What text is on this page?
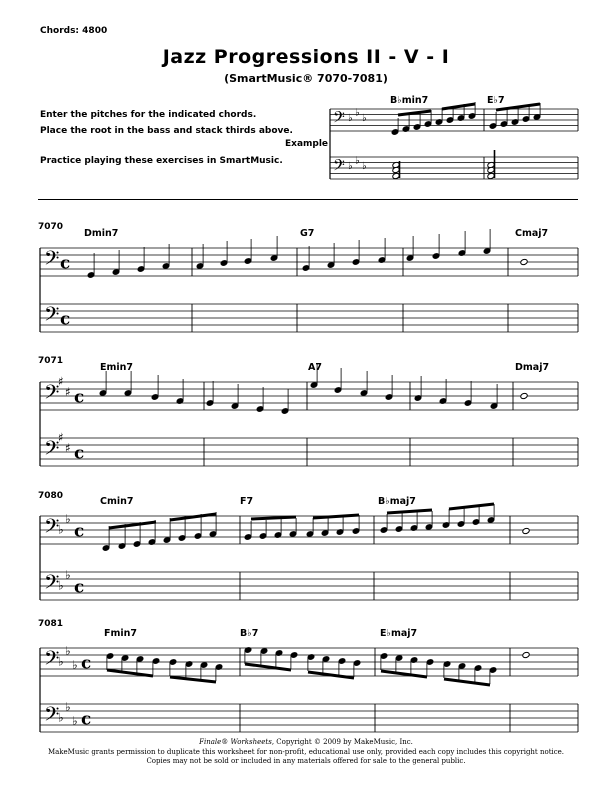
Chords: 4800
Jazz Progressions II - V - I
(SmartMusic® 7070-7081)
Enter the pitches for the indicated chords.
Place the root in the bass and stack thirds above.
Practice playing these exercises in SmartMusic.
Example
7070
7071
7080
7081
𝄢
𝄢
♭
♭
♭
♭
♭
♭
B♭min7	E♭7
𝄢
𝄢
c
c
Dmin7	G7	Cmaj7
𝄢
𝄢
♯
♯
♯
♯
c
c
Emin7	A7	Dmaj7
𝄢
𝄢
♭
♭
♭
♭
c
c
Cmin7	F7	B♭maj7
𝄢
𝄢
♭
♭
♭
♭
♭
♭
c
c
Fmin7	B♭7	E♭maj7
Finale® Worksheets, Copyright © 2009 by MakeMusic, Inc.
MakeMusic grants permission to duplicate this worksheet for non-profit, educational use only, provided each copy includes this copyright notice.
Copies may not be sold or included in any materials offered for sale to the general public.
